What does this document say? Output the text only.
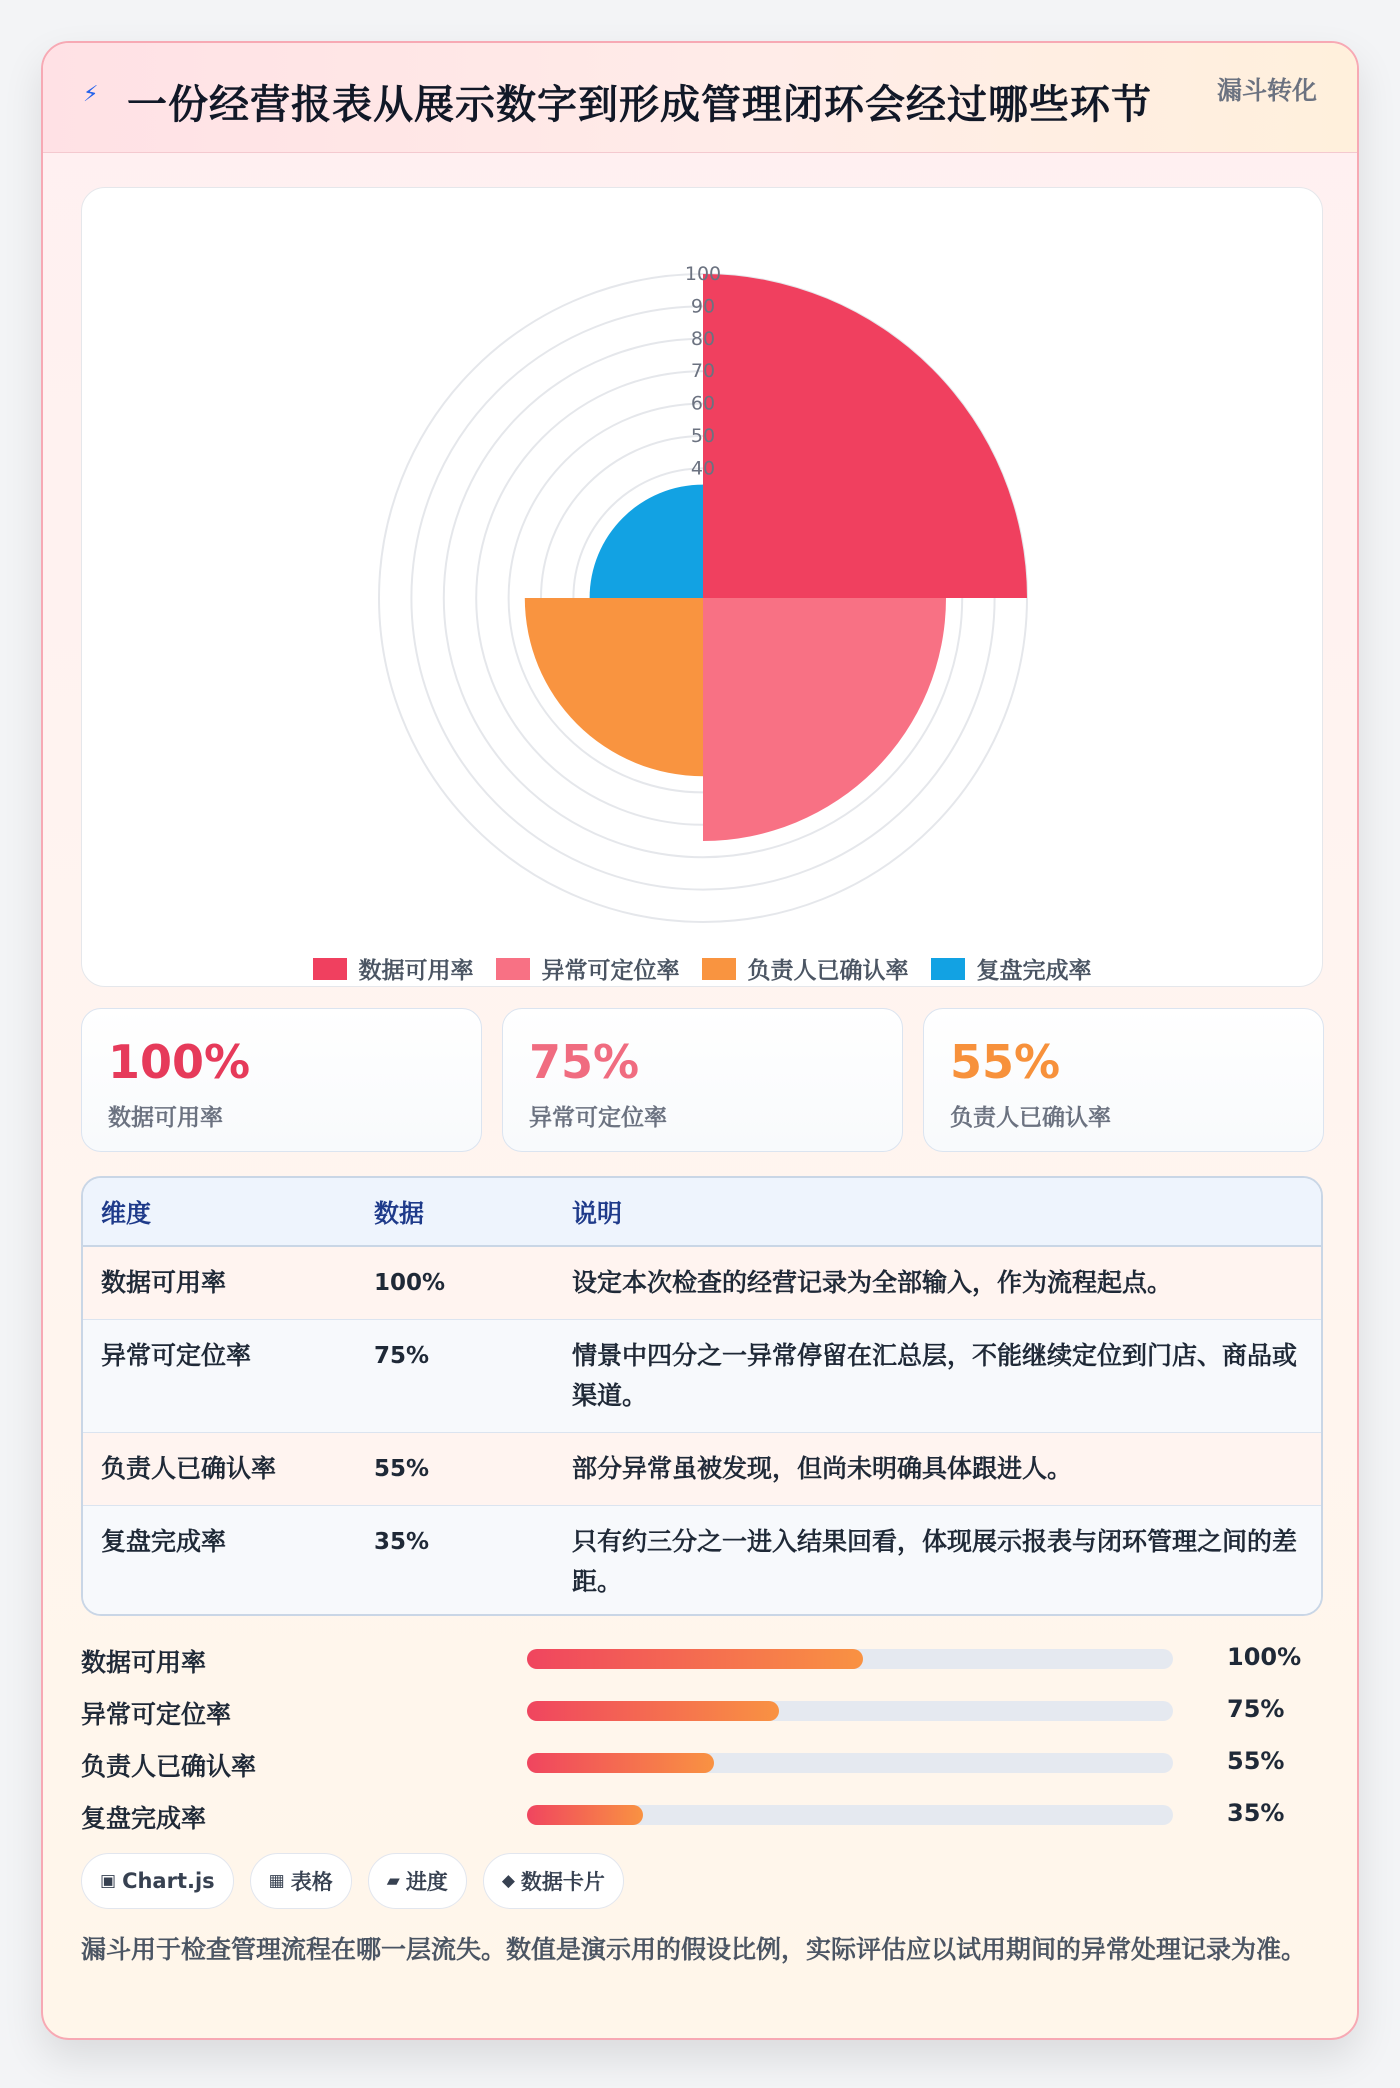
⚡︎ 一份经营报表从展示数字到形成管理闭环会经过哪些环节	漏斗转化
40
50
60
70
80
90
100
数据可用率	异常可定位率	负责人已确认率	复盘完成率
100%
数据可用率
75%
异常可定位率
55%
负责人已确认率
维度	数据	说明
数据可用率	100%	设定本次检查的经营记录为全部输入，作为流程起点。
异常可定位率	75%	情景中四分之一异常停留在汇总层，不能继续定位到门店、商品或渠道。
负责人已确认率	55%	部分异常虽被发现，但尚未明确具体跟进人。
复盘完成率	35%	只有约三分之一进入结果回看，体现展示报表与闭环管理之间的差距。
数据可用率	100%
异常可定位率	75%
负责人已确认率	55%
复盘完成率	35%
▣ Chart.js	▦ 表格	▰ 进度	◆ 数据卡片
漏斗用于检查管理流程在哪一层流失。数值是演示用的假设比例，实际评估应以试用期间的异常处理记录为准。
